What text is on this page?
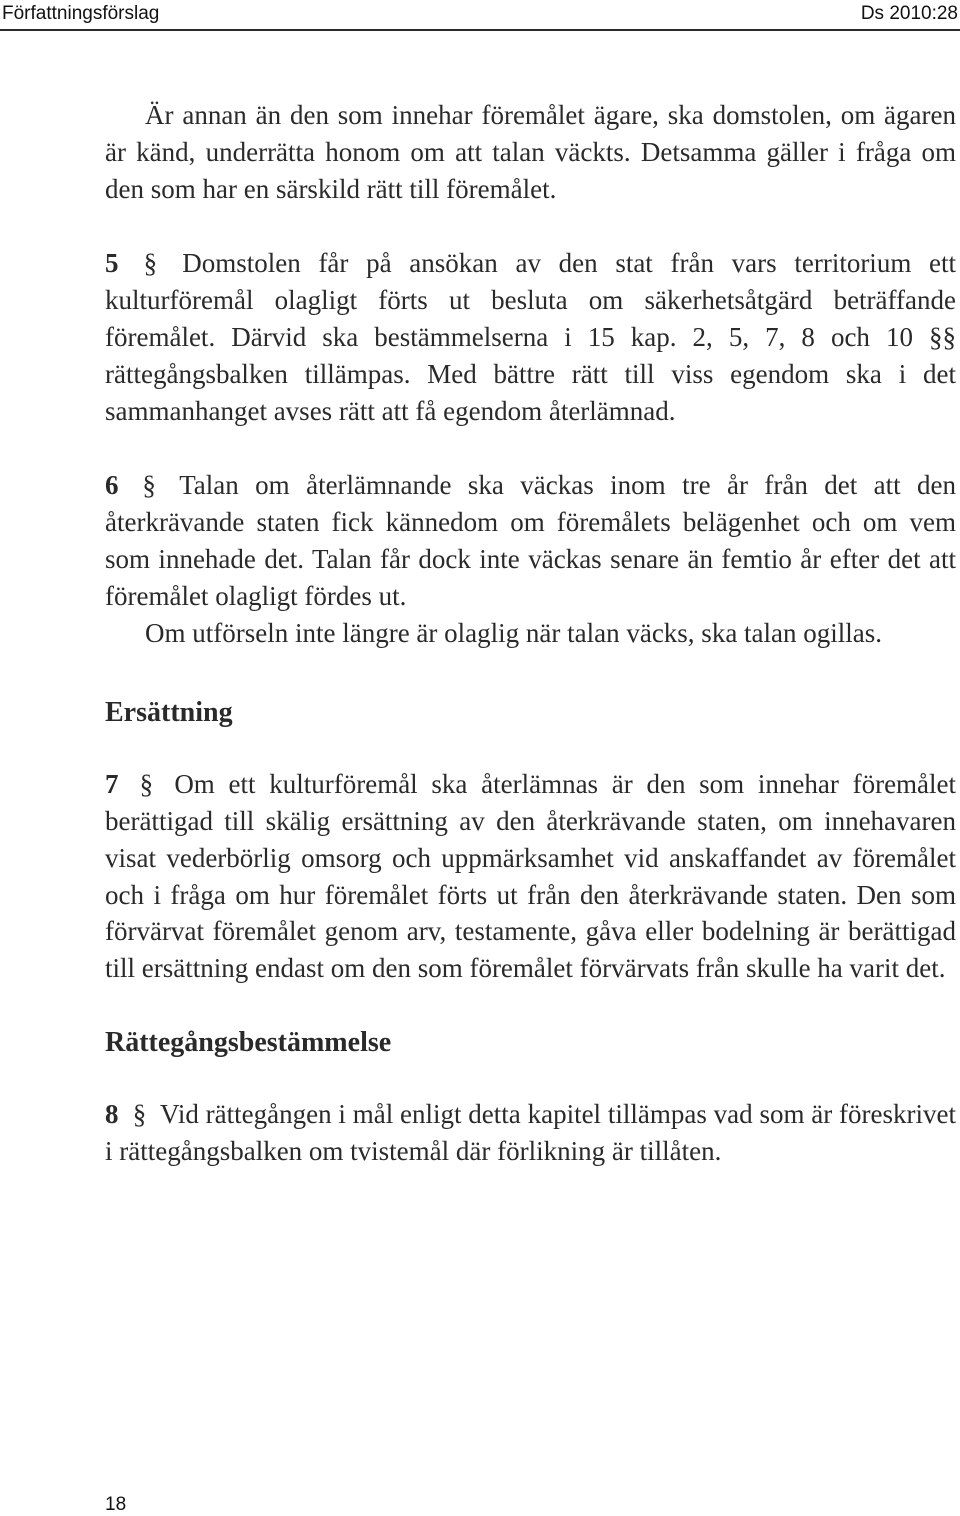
Författningsförslag	Ds 2010:28

Är annan än den som innehar föremålet ägare, ska domstolen, om ägaren är känd, underrätta honom om att talan väckts. Detsamma gäller i fråga om den som har en särskild rätt till föremålet.

5 § Domstolen får på ansökan av den stat från vars territorium ett kulturföremål olagligt förts ut besluta om säkerhetsåtgärd beträffande föremålet. Därvid ska bestämmelserna i 15 kap. 2, 5, 7, 8 och 10 §§ rättegångsbalken tillämpas. Med bättre rätt till viss egendom ska i det sammanhanget avses rätt att få egendom återlämnad.

6 § Talan om återlämnande ska väckas inom tre år från det att den återkrävande staten fick kännedom om föremålets belägenhet och om vem som innehade det. Talan får dock inte väckas senare än femtio år efter det att föremålet olagligt fördes ut.

Om utförseln inte längre är olaglig när talan väcks, ska talan ogillas.

Ersättning

7 § Om ett kulturföremål ska återlämnas är den som innehar föremålet berättigad till skälig ersättning av den återkrävande staten, om innehavaren visat vederbörlig omsorg och uppmärksamhet vid anskaffandet av föremålet och i fråga om hur föremålet förts ut från den återkrävande staten. Den som förvärvat föremålet genom arv, testamente, gåva eller bodelning är berättigad till ersättning endast om den som föremålet förvärvats från skulle ha varit det.

Rättegångsbestämmelse

8 § Vid rättegången i mål enligt detta kapitel tillämpas vad som är föreskrivet i rättegångsbalken om tvistemål där förlikning är tillåten.

18
